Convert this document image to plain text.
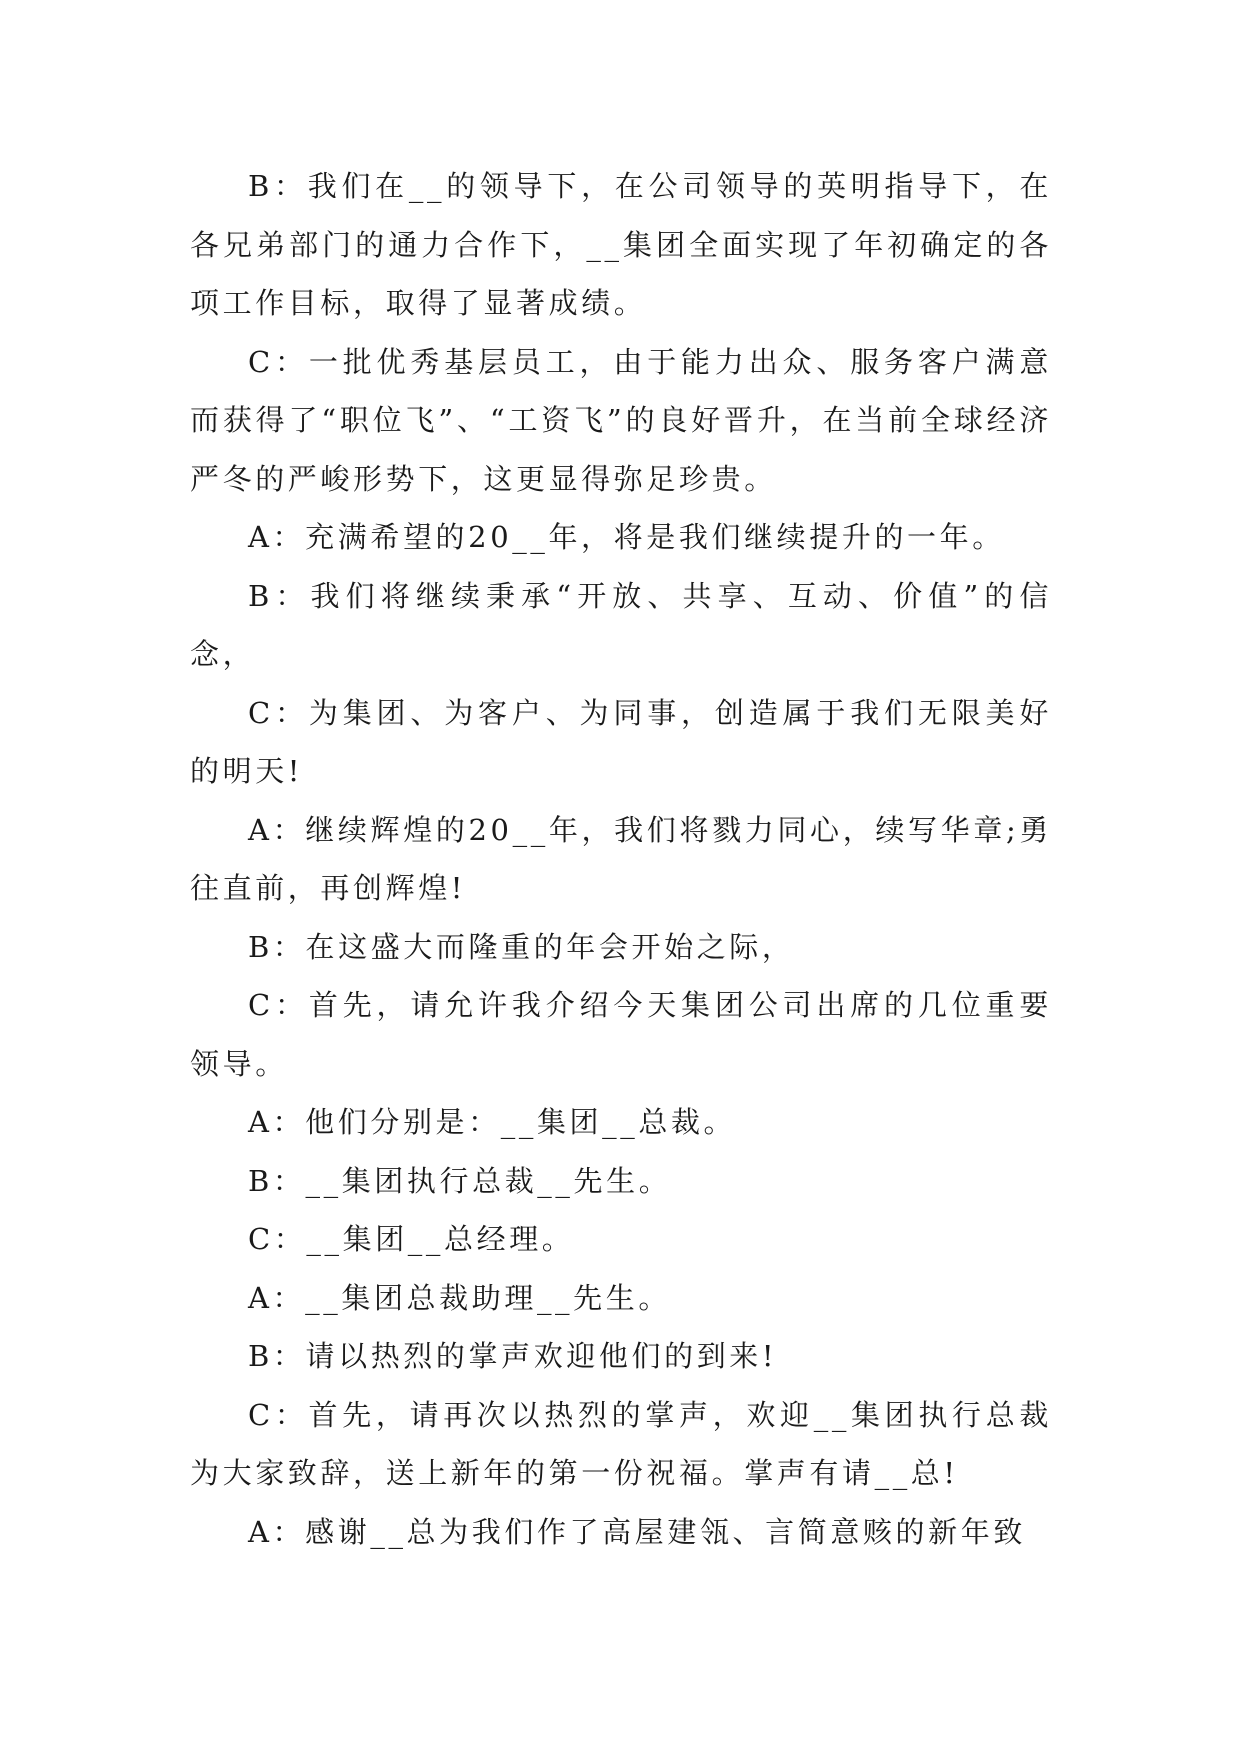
B：我们在__的领导下，在公司领导的英明指导下，在各兄弟部门的通力合作下，__集团全面实现了年初确定的各项工作目标，取得了显著成绩。

C：一批优秀基层员工，由于能力出众、服务客户满意而获得了“职位飞”、“工资飞”的良好晋升，在当前全球经济严冬的严峻形势下，这更显得弥足珍贵。

A：充满希望的20__年，将是我们继续提升的一年。

B：我们将继续秉承“开放、共享、互动、价值”的信念，

C：为集团、为客户、为同事，创造属于我们无限美好的明天!

A：继续辉煌的20__年，我们将戮力同心，续写华章;勇往直前，再创辉煌!

B：在这盛大而隆重的年会开始之际，

C：首先，请允许我介绍今天集团公司出席的几位重要领导。

A：他们分别是：__集团__总裁。

B：__集团执行总裁__先生。

C：__集团__总经理。

A：__集团总裁助理__先生。

B：请以热烈的掌声欢迎他们的到来!

C：首先，请再次以热烈的掌声，欢迎__集团执行总裁为大家致辞，送上新年的第一份祝福。掌声有请__总!

A：感谢__总为我们作了高屋建瓴、言简意赅的新年致
